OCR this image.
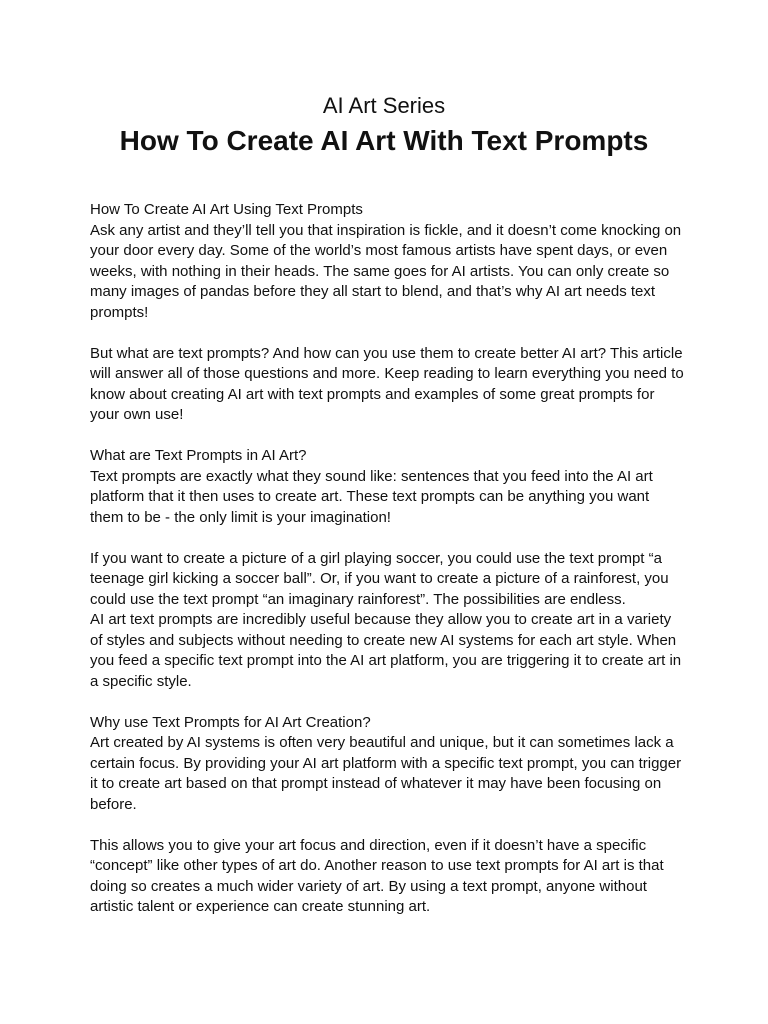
AI Art Series
How To Create AI Art With Text Prompts

How To Create AI Art Using Text Prompts

Ask any artist and they’ll tell you that inspiration is fickle, and it doesn’t come knocking on your door every day. Some of the world’s most famous artists have spent days, or even weeks, with nothing in their heads. The same goes for AI artists. You can only create so many images of pandas before they all start to blend, and that’s why AI art needs text prompts!

But what are text prompts? And how can you use them to create better AI art? This article will answer all of those questions and more. Keep reading to learn everything you need to know about creating AI art with text prompts and examples of some great prompts for your own use!

What are Text Prompts in AI Art?

Text prompts are exactly what they sound like: sentences that you feed into the AI art platform that it then uses to create art. These text prompts can be anything you want them to be - the only limit is your imagination!

If you want to create a picture of a girl playing soccer, you could use the text prompt “a teenage girl kicking a soccer ball”. Or, if you want to create a picture of a rainforest, you could use the text prompt “an imaginary rainforest”. The possibilities are endless.

AI art text prompts are incredibly useful because they allow you to create art in a variety of styles and subjects without needing to create new AI systems for each art style. When you feed a specific text prompt into the AI art platform, you are triggering it to create art in a specific style.

Why use Text Prompts for AI Art Creation?

Art created by AI systems is often very beautiful and unique, but it can sometimes lack a certain focus. By providing your AI art platform with a specific text prompt, you can trigger it to create art based on that prompt instead of whatever it may have been focusing on before.

This allows you to give your art focus and direction, even if it doesn’t have a specific “concept” like other types of art do. Another reason to use text prompts for AI art is that doing so creates a much wider variety of art. By using a text prompt, anyone without artistic talent or experience can create stunning art.
